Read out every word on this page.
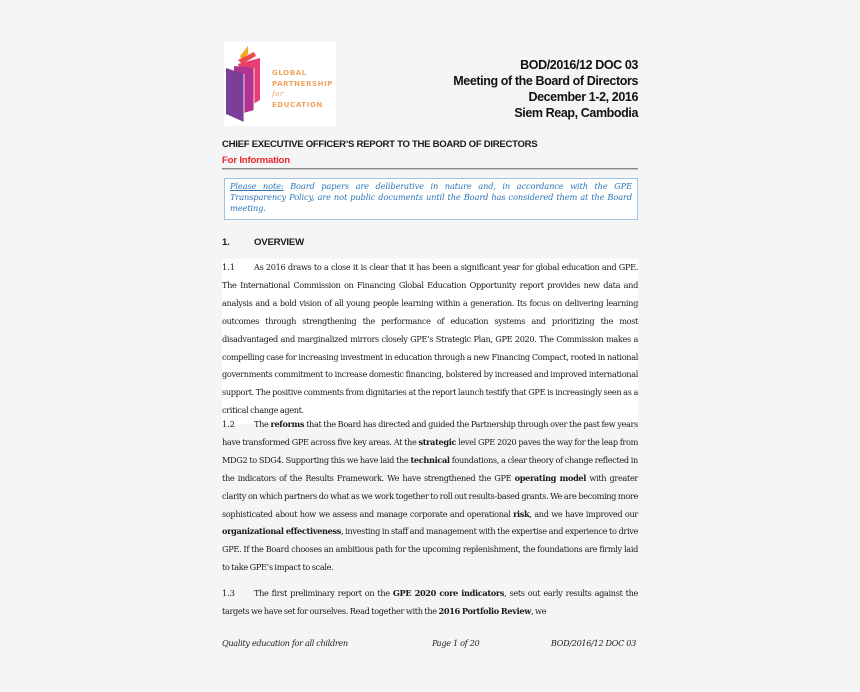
GLOBAL
PARTNERSHIP
for EDUCATION
BOD/2016/12 DOC 03
Meeting of the Board of Directors
December 1-2, 2016
Siem Reap, Cambodia
CHIEF EXECUTIVE OFFICER’S REPORT TO THE BOARD OF DIRECTORS
For Information
Please note: Board papers are deliberative in nature and, in accordance with the GPE Transparency Policy, are not public documents until the Board has considered them at the Board meeting.
1.	OVERVIEW
1.1 As 2016 draws to a close it is clear that it has been a significant year for global education and GPE. The International Commission on Financing Global Education Opportunity report provides new data and analysis and a bold vision of all young people learning within a generation. Its focus on delivering learning outcomes through strengthening the performance of education systems and prioritizing the most disadvantaged and marginalized mirrors closely GPE’s Strategic Plan, GPE 2020. The Commission makes a compelling case for increasing investment in education through a new Financing Compact, rooted in national governments commitment to increase domestic financing, bolstered by increased and improved international support. The positive comments from dignitaries at the report launch testify that GPE is increasingly seen as a critical change agent.
1.2 The reforms that the Board has directed and guided the Partnership through over the past few years have transformed GPE across five key areas. At the strategic level GPE 2020 paves the way for the leap from MDG2 to SDG4. Supporting this we have laid the technical foundations, a clear theory of change reflected in the indicators of the Results Framework. We have strengthened the GPE operating model with greater clarity on which partners do what as we work together to roll out results-based grants. We are becoming more sophisticated about how we assess and manage corporate and operational risk, and we have improved our organizational effectiveness, investing in staff and management with the expertise and experience to drive GPE. If the Board chooses an ambitious path for the upcoming replenishment, the foundations are firmly laid to take GPE’s impact to scale.
1.3 The first preliminary report on the GPE 2020 core indicators, sets out early results against the targets we have set for ourselves. Read together with the 2016 Portfolio Review, we
Quality education for all children	Page 1 of 20	BOD/2016/12 DOC 03
